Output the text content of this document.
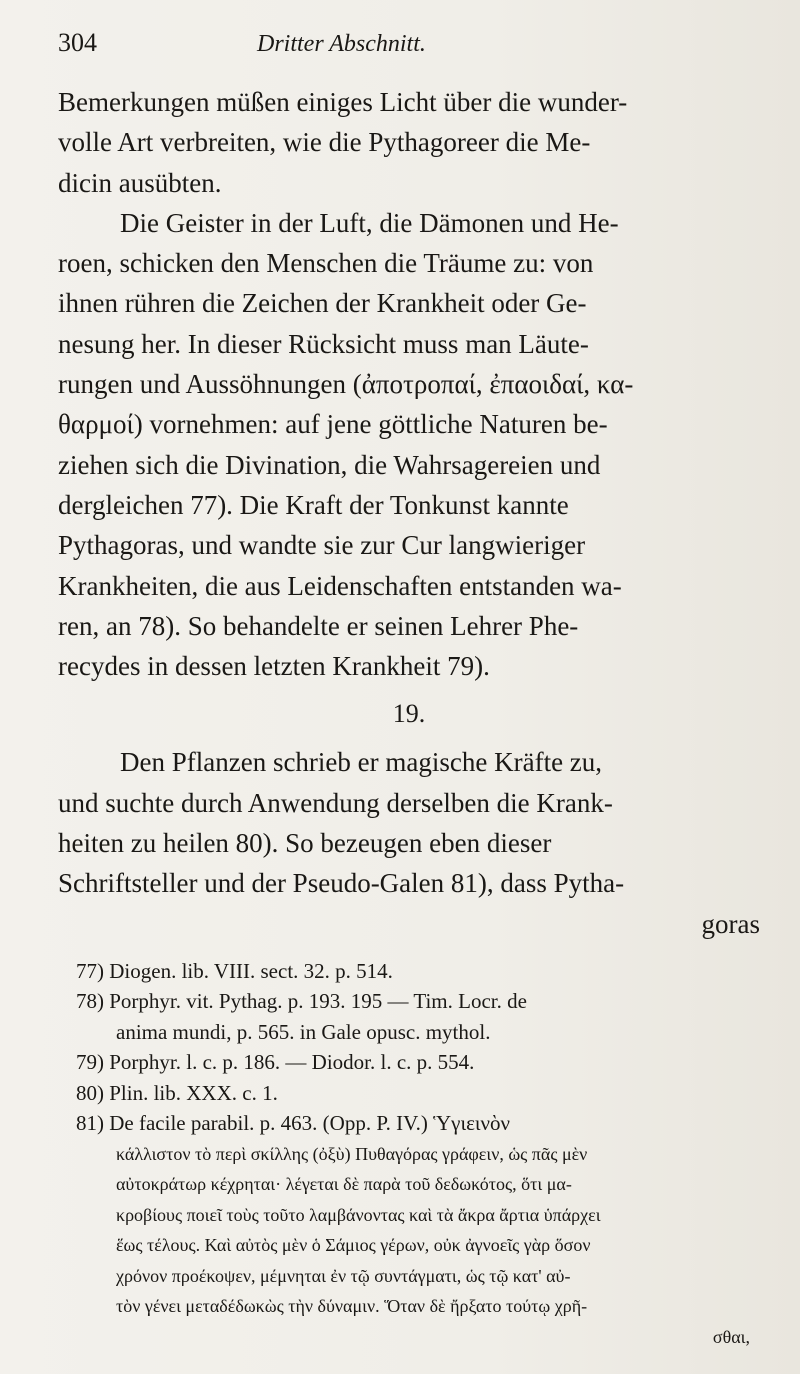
304	Dritter Abschnitt.

Bemerkungen müßen einiges Licht über die wunder-
volle Art verbreiten, wie die Pythagoreer die Me-
dicin ausübten.

Die Geister in der Luft, die Dämonen und He-
roen, schicken den Menschen die Träume zu: von
ihnen rühren die Zeichen der Krankheit oder Ge-
nesung her. In dieser Rücksicht muss man Läute-
rungen und Aussöhnungen (ἀποτροπαί, ἐπαοιδαί, κα-
θαρμοί) vornehmen: auf jene göttliche Naturen be-
ziehen sich die Divination, die Wahrsagereien und
dergleichen 77). Die Kraft der Tonkunst kannte
Pythagoras, und wandte sie zur Cur langwieriger
Krankheiten, die aus Leidenschaften entstanden wa-
ren, an 78). So behandelte er seinen Lehrer Phe-
recydes in dessen letzten Krankheit 79).

19.

Den Pflanzen schrieb er magische Kräfte zu,
und suchte durch Anwendung derselben die Krank-
heiten zu heilen 80). So bezeugen eben dieser
Schriftsteller und der Pseudo-Galen 81), dass Pytha-
goras

77) Diogen. lib. VIII. sect. 32. p. 514.
78) Porphyr. vit. Pythag. p. 193. 195 — Tim. Locr. de
anima mundi, p. 565. in Gale opusc. mythol.
79) Porphyr. l. c. p. 186. — Diodor. l. c. p. 554.
80) Plin. lib. XXX. c. 1.
81) De facile parabil. p. 463. (Opp. P. IV.) Ὑγιεινὸν
κάλλιστον τὸ περὶ σκίλλης (ὀξὺ) Πυθαγόρας γράφειν, ὡς πᾶς μὲν
αὐτοκράτωρ κέχρηται· λέγεται δὲ παρὰ τοῦ δεδωκότος, ὅτι μα-
κροβίους ποιεῖ τοὺς τοῦτο λαμβάνοντας καὶ τὰ ἄκρα ἄρτια ὑπάρχει
ἕως τέλους. Καὶ αὐτὸς μὲν ὁ Σάμιος γέρων, οὐκ ἀγνοεῖς γὰρ ὅσον
χρόνον προέκοψεν, μέμνηται ἐν τῷ συντάγματι, ὡς τῷ κατ' αὐ-
τὸν γένει μεταδέδωκὼς τὴν δύναμιν. Ὅταν δὲ ἤρξατο τούτῳ χρῆ-
σθαι,
